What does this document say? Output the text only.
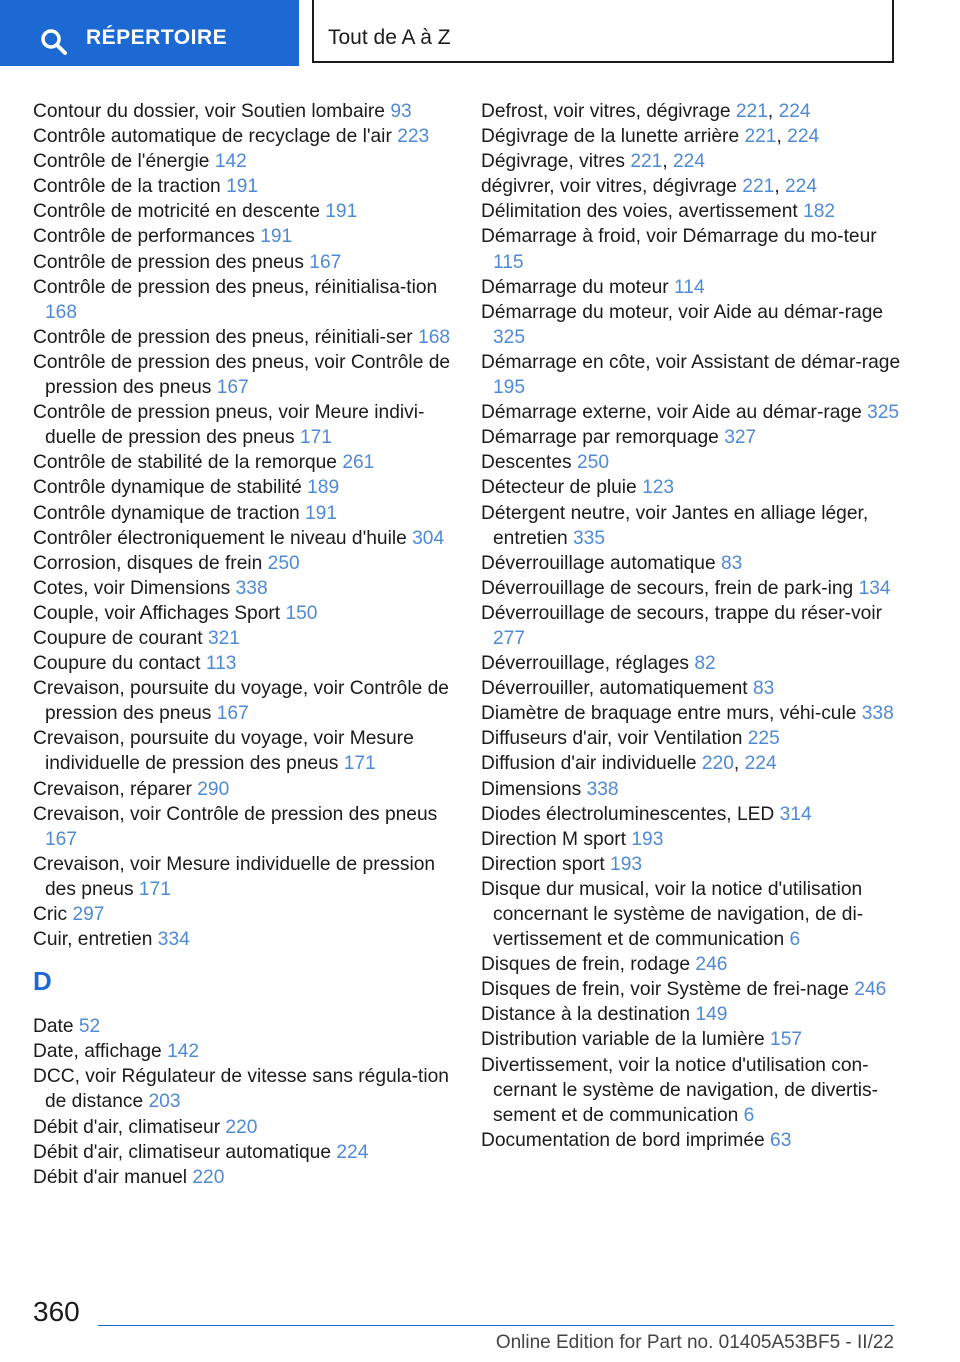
RÉPERTOIRE	Tout de A à Z

Contour du dossier, voir Soutien lombaire 93

Contrôle automatique de recyclage de l'air 223

Contrôle de l'énergie 142

Contrôle de la traction 191

Contrôle de motricité en descente 191

Contrôle de performances 191

Contrôle de pression des pneus 167

Contrôle de pression des pneus, réinitialisa-tion 168

Contrôle de pression des pneus, réinitiali-ser 168

Contrôle de pression des pneus, voir Contrôle de pression des pneus 167

Contrôle de pression pneus, voir Meure indivi-duelle de pression des pneus 171

Contrôle de stabilité de la remorque 261

Contrôle dynamique de stabilité 189

Contrôle dynamique de traction 191

Contrôler électroniquement le niveau d'huile 304

Corrosion, disques de frein 250

Cotes, voir Dimensions 338

Couple, voir Affichages Sport 150

Coupure de courant 321

Coupure du contact 113

Crevaison, poursuite du voyage, voir Contrôle de pression des pneus 167

Crevaison, poursuite du voyage, voir Mesure individuelle de pression des pneus 171

Crevaison, réparer 290

Crevaison, voir Contrôle de pression des pneus 167

Crevaison, voir Mesure individuelle de pression des pneus 171

Cric 297

Cuir, entretien 334

D

Date 52

Date, affichage 142

DCC, voir Régulateur de vitesse sans régula-tion de distance 203

Débit d'air, climatiseur 220

Débit d'air, climatiseur automatique 224

Débit d'air manuel 220

Defrost, voir vitres, dégivrage 221, 224

Dégivrage de la lunette arrière 221, 224

Dégivrage, vitres 221, 224

dégivrer, voir vitres, dégivrage 221, 224

Délimitation des voies, avertissement 182

Démarrage à froid, voir Démarrage du mo-teur 115

Démarrage du moteur 114

Démarrage du moteur, voir Aide au démar-rage 325

Démarrage en côte, voir Assistant de démar-rage 195

Démarrage externe, voir Aide au démar-rage 325

Démarrage par remorquage 327

Descentes 250

Détecteur de pluie 123

Détergent neutre, voir Jantes en alliage léger, entretien 335

Déverrouillage automatique 83

Déverrouillage de secours, frein de park-ing 134

Déverrouillage de secours, trappe du réser-voir 277

Déverrouillage, réglages 82

Déverrouiller, automatiquement 83

Diamètre de braquage entre murs, véhi-cule 338

Diffuseurs d'air, voir Ventilation 225

Diffusion d'air individuelle 220, 224

Dimensions 338

Diodes électroluminescentes, LED 314

Direction M sport 193

Direction sport 193

Disque dur musical, voir la notice d'utilisation concernant le système de navigation, de di-vertissement et de communication 6

Disques de frein, rodage 246

Disques de frein, voir Système de frei-nage 246

Distance à la destination 149

Distribution variable de la lumière 157

Divertissement, voir la notice d'utilisation con-cernant le système de navigation, de divertis-sement et de communication 6

Documentation de bord imprimée 63

360
Online Edition for Part no. 01405A53BF5 - II/22
